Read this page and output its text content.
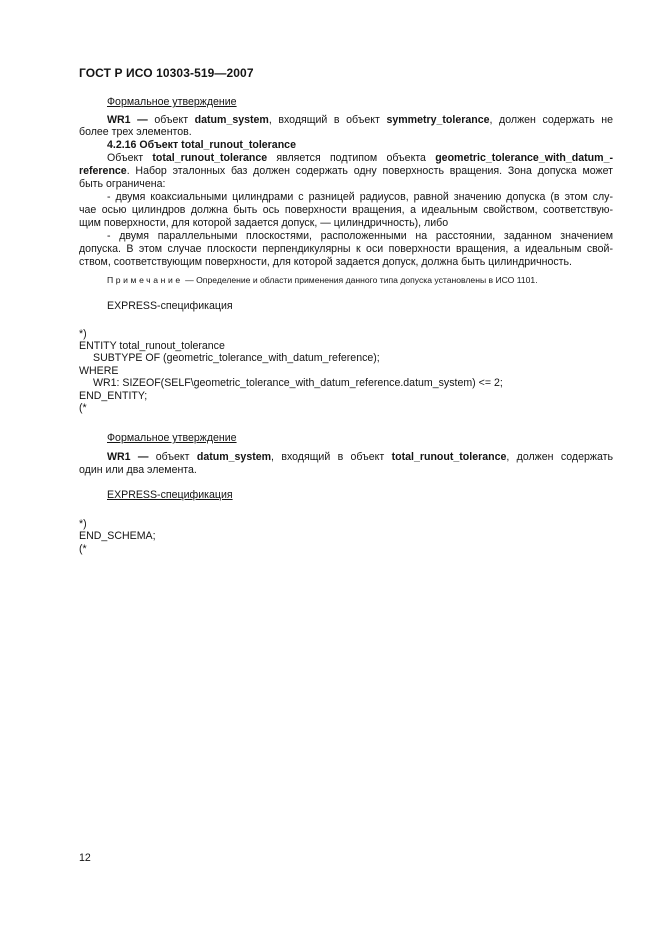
ГОСТ Р ИСО 10303-519—2007
Формальное утверждение
WR1 — объект datum_system, входящий в объект symmetry_tolerance, должен содержать не
более трех элементов.
4.2.16 Объект total_runout_tolerance
Объект total_runout_tolerance является подтипом объекта geometric_tolerance_with_datum_-
reference. Набор эталонных баз должен содержать одну поверхность вращения. Зона допуска может
быть ограничена:
- двумя коаксиальными цилиндрами с разницей радиусов, равной значению допуска (в этом слу-
чае осью цилиндров должна быть ось поверхности вращения, а идеальным свойством, соответствую-
щим поверхности, для которой задается допуск, — цилиндричность), либо
- двумя параллельными плоскостями, расположенными на расстоянии, заданном значением
допуска. В этом случае плоскости перпендикулярны к оси поверхности вращения, а идеальным свой-
ством, соответствующим поверхности, для которой задается допуск, должна быть цилиндричность.
Примечание — Определение и области применения данного типа допуска установлены в ИСО 1101.
EXPRESS-спецификация
*)
ENTITY total_runout_tolerance
SUBTYPE OF (geometric_tolerance_with_datum_reference);
WHERE
WR1: SIZEOF(SELF\geometric_tolerance_with_datum_reference.datum_system) <= 2;
END_ENTITY;
(*
Формальное утверждение
WR1 — объект datum_system, входящий в объект total_runout_tolerance, должен содержать
один или два элемента.
EXPRESS-спецификация
*)
END_SCHEMA;
(*
12
